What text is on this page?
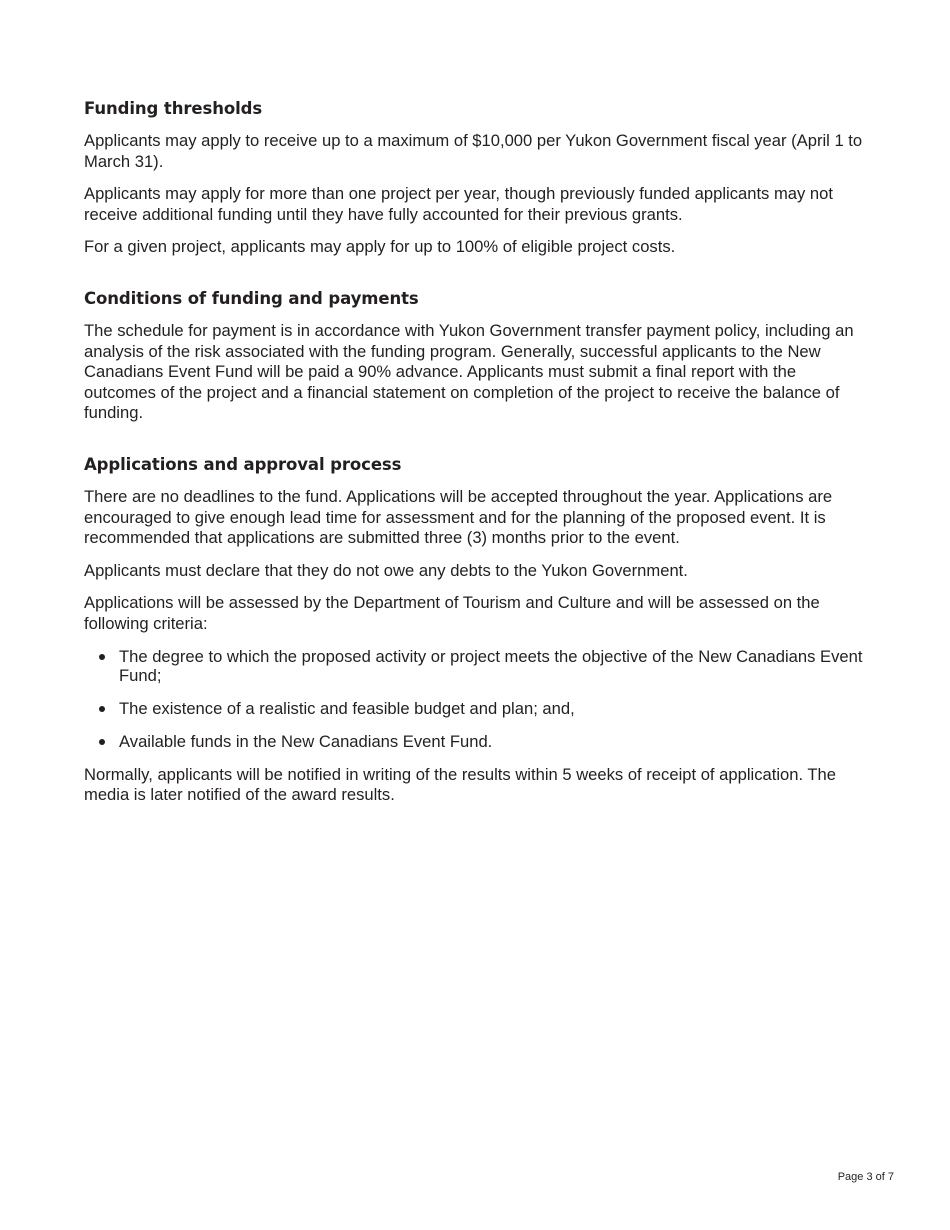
Funding thresholds

Applicants may apply to receive up to a maximum of $10,000 per Yukon Government fiscal year (April 1 to March 31).

Applicants may apply for more than one project per year, though previously funded applicants may not receive additional funding until they have fully accounted for their previous grants.

For a given project, applicants may apply for up to 100% of eligible project costs.

Conditions of funding and payments

The schedule for payment is in accordance with Yukon Government transfer payment policy, including an analysis of the risk associated with the funding program. Generally, successful applicants to the New Canadians Event Fund will be paid a 90% advance. Applicants must submit a final report with the outcomes of the project and a financial statement on completion of the project to receive the balance of funding.

Applications and approval process

There are no deadlines to the fund. Applications will be accepted throughout the year. Applications are encouraged to give enough lead time for assessment and for the planning of the proposed event. It is recommended that applications are submitted three (3) months prior to the event.

Applicants must declare that they do not owe any debts to the Yukon Government.

Applications will be assessed by the Department of Tourism and Culture and will be assessed on the following criteria:

The degree to which the proposed activity or project meets the objective of the New Canadians Event Fund;
The existence of a realistic and feasible budget and plan; and,
Available funds in the New Canadians Event Fund.

Normally, applicants will be notified in writing of the results within 5 weeks of receipt of application. The media is later notified of the award results.

Page 3 of 7
